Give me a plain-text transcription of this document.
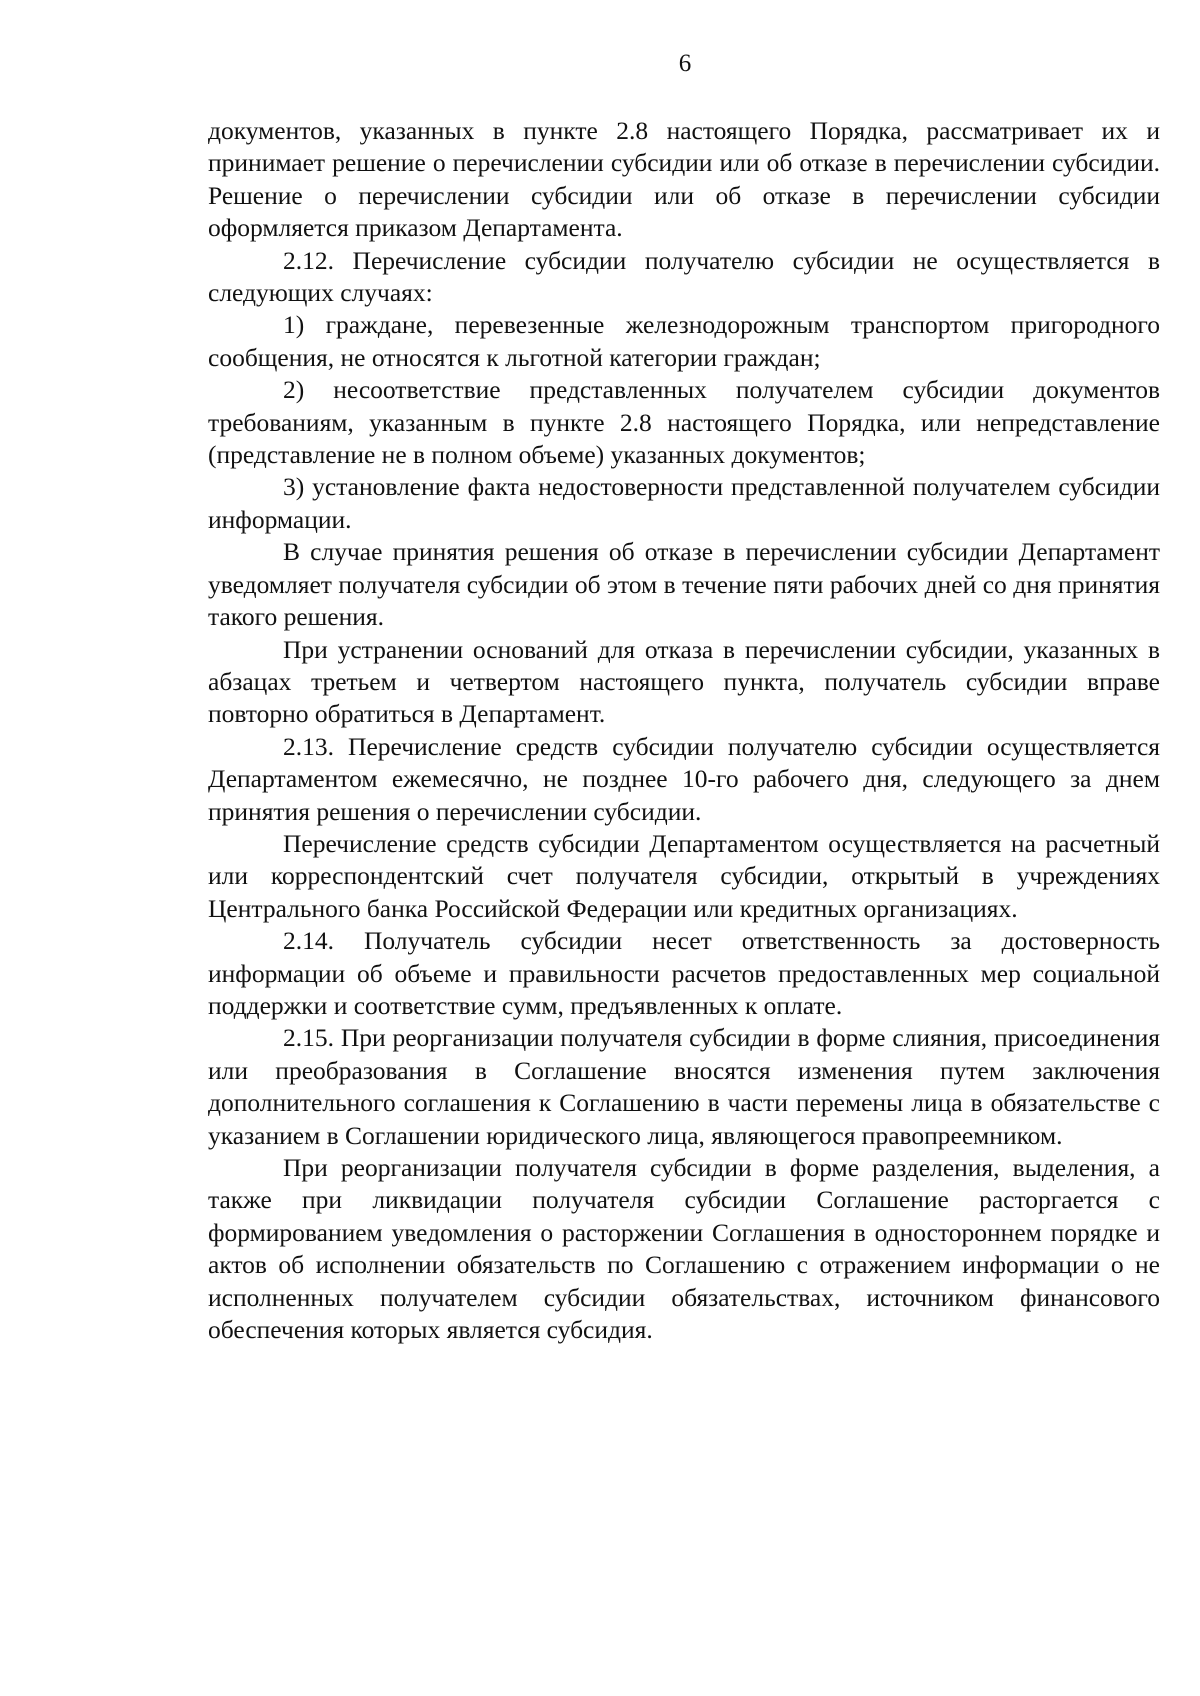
6

документов, указанных в пункте 2.8 настоящего Порядка, рассматривает их и принимает решение о перечислении субсидии или об отказе в перечислении субсидии. Решение о перечислении субсидии или об отказе в перечислении субсидии оформляется приказом Департамента.

2.12. Перечисление субсидии получателю субсидии не осуществляется в следующих случаях:

1) граждане, перевезенные железнодорожным транспортом пригородного сообщения, не относятся к льготной категории граждан;

2) несоответствие представленных получателем субсидии документов требованиям, указанным в пункте 2.8 настоящего Порядка, или непредставление (представление не в полном объеме) указанных документов;

3) установление факта недостоверности представленной получателем субсидии информации.

В случае принятия решения об отказе в перечислении субсидии Департамент уведомляет получателя субсидии об этом в течение пяти рабочих дней со дня принятия такого решения.

При устранении оснований для отказа в перечислении субсидии, указанных в абзацах третьем и четвертом настоящего пункта, получатель субсидии вправе повторно обратиться в Департамент.

2.13. Перечисление средств субсидии получателю субсидии осуществляется Департаментом ежемесячно, не позднее 10-го рабочего дня, следующего за днем принятия решения о перечислении субсидии.

Перечисление средств субсидии Департаментом осуществляется на расчетный или корреспондентский счет получателя субсидии, открытый в учреждениях Центрального банка Российской Федерации или кредитных организациях.

2.14. Получатель субсидии несет ответственность за достоверность информации об объеме и правильности расчетов предоставленных мер социальной поддержки и соответствие сумм, предъявленных к оплате.

2.15. При реорганизации получателя субсидии в форме слияния, присоединения или преобразования в Соглашение вносятся изменения путем заключения дополнительного соглашения к Соглашению в части перемены лица в обязательстве с указанием в Соглашении юридического лица, являющегося правопреемником.

При реорганизации получателя субсидии в форме разделения, выделения, а также при ликвидации получателя субсидии Соглашение расторгается с формированием уведомления о расторжении Соглашения в одностороннем порядке и актов об исполнении обязательств по Соглашению с отражением информации о не исполненных получателем субсидии обязательствах, источником финансового обеспечения которых является субсидия.
